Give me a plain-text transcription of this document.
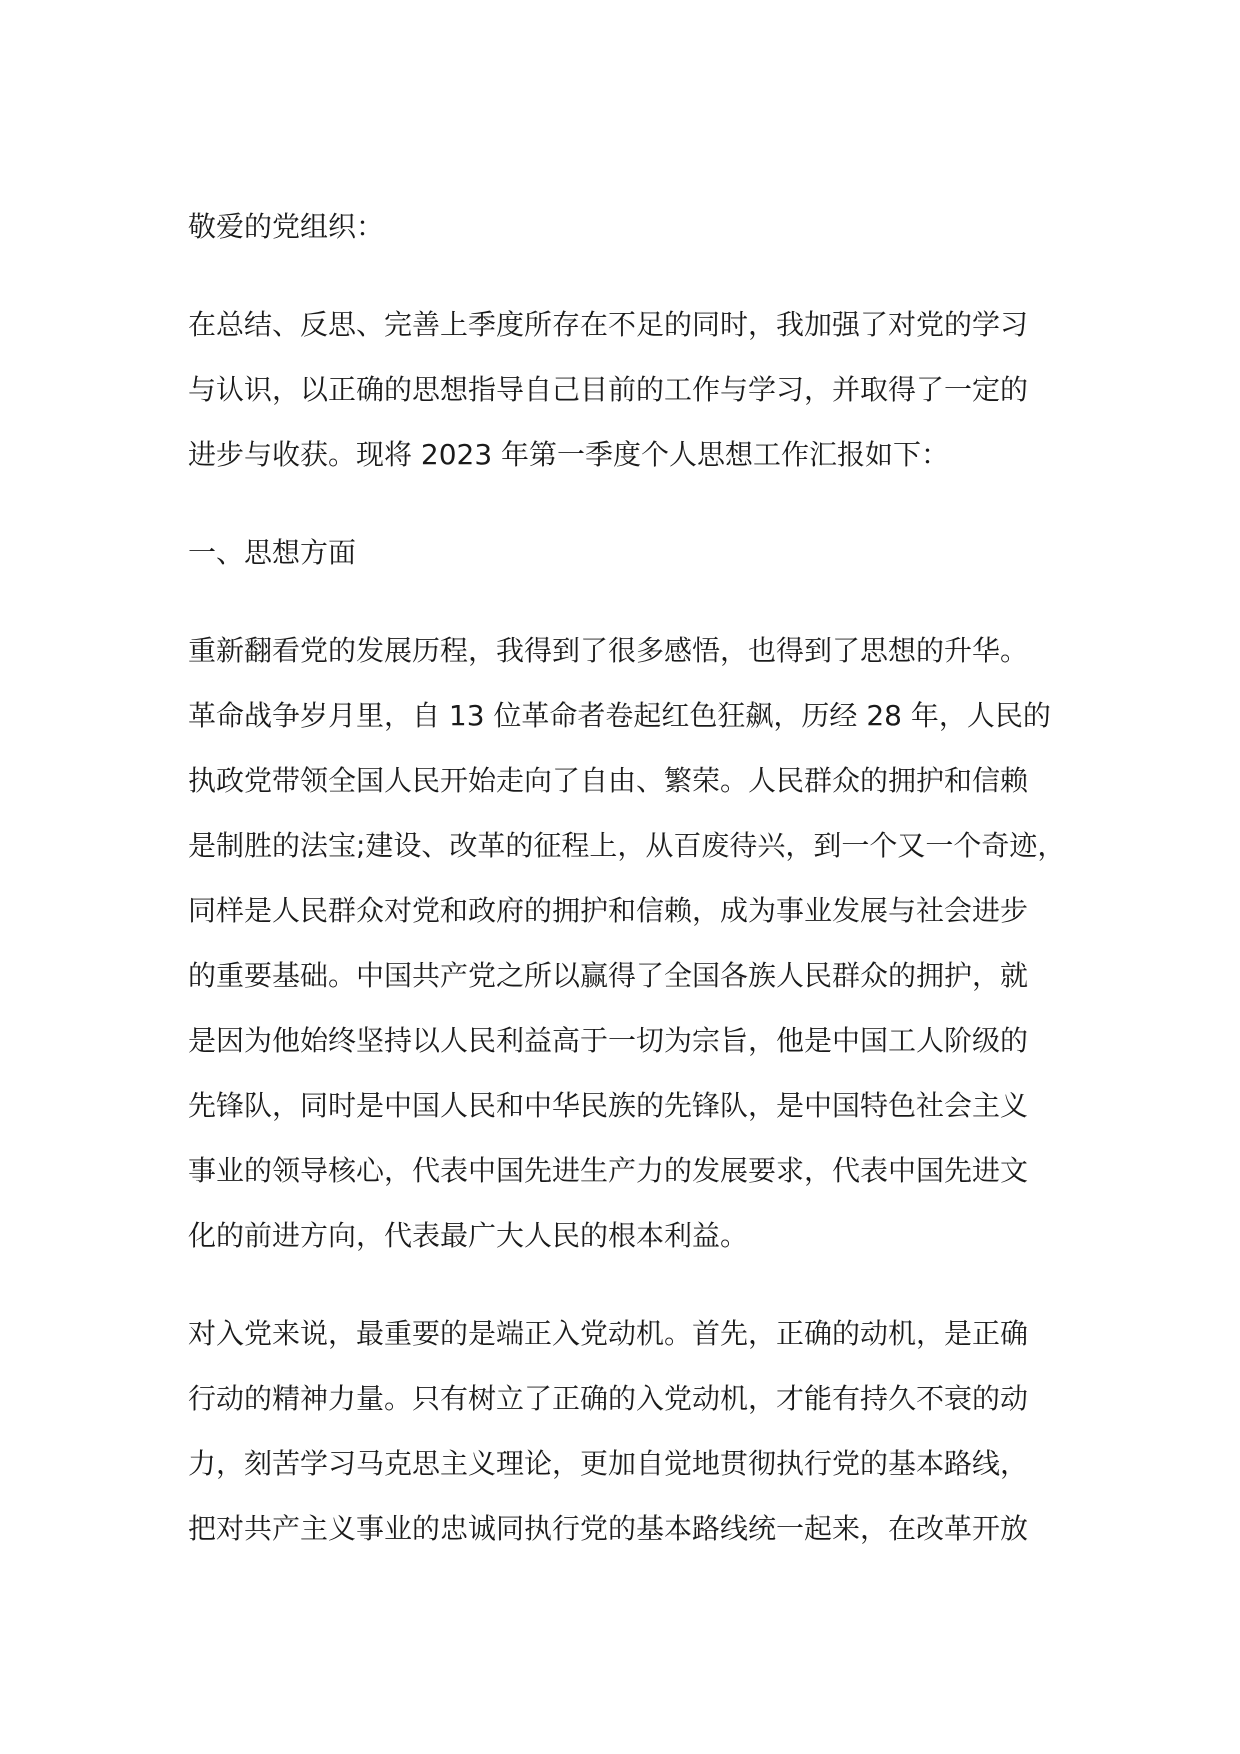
敬爱的党组织：
在总结、反思、完善上季度所存在不足的同时，我加强了对党的学习
与认识，以正确的思想指导自己目前的工作与学习，并取得了一定的
进步与收获。现将 2023 年第一季度个人思想工作汇报如下：
一、思想方面
重新翻看党的发展历程，我得到了很多感悟，也得到了思想的升华。
革命战争岁月里，自 13 位革命者卷起红色狂飙，历经 28 年，人民的
执政党带领全国人民开始走向了自由、繁荣。人民群众的拥护和信赖
是制胜的法宝;建设、改革的征程上，从百废待兴，到一个又一个奇迹，
同样是人民群众对党和政府的拥护和信赖，成为事业发展与社会进步
的重要基础。中国共产党之所以赢得了全国各族人民群众的拥护，就
是因为他始终坚持以人民利益高于一切为宗旨，他是中国工人阶级的
先锋队，同时是中国人民和中华民族的先锋队，是中国特色社会主义
事业的领导核心，代表中国先进生产力的发展要求，代表中国先进文
化的前进方向，代表最广大人民的根本利益。
对入党来说，最重要的是端正入党动机。首先，正确的动机，是正确
行动的精神力量。只有树立了正确的入党动机，才能有持久不衰的动
力，刻苦学习马克思主义理论，更加自觉地贯彻执行党的基本路线，
把对共产主义事业的忠诚同执行党的基本路线统一起来，在改革开放
